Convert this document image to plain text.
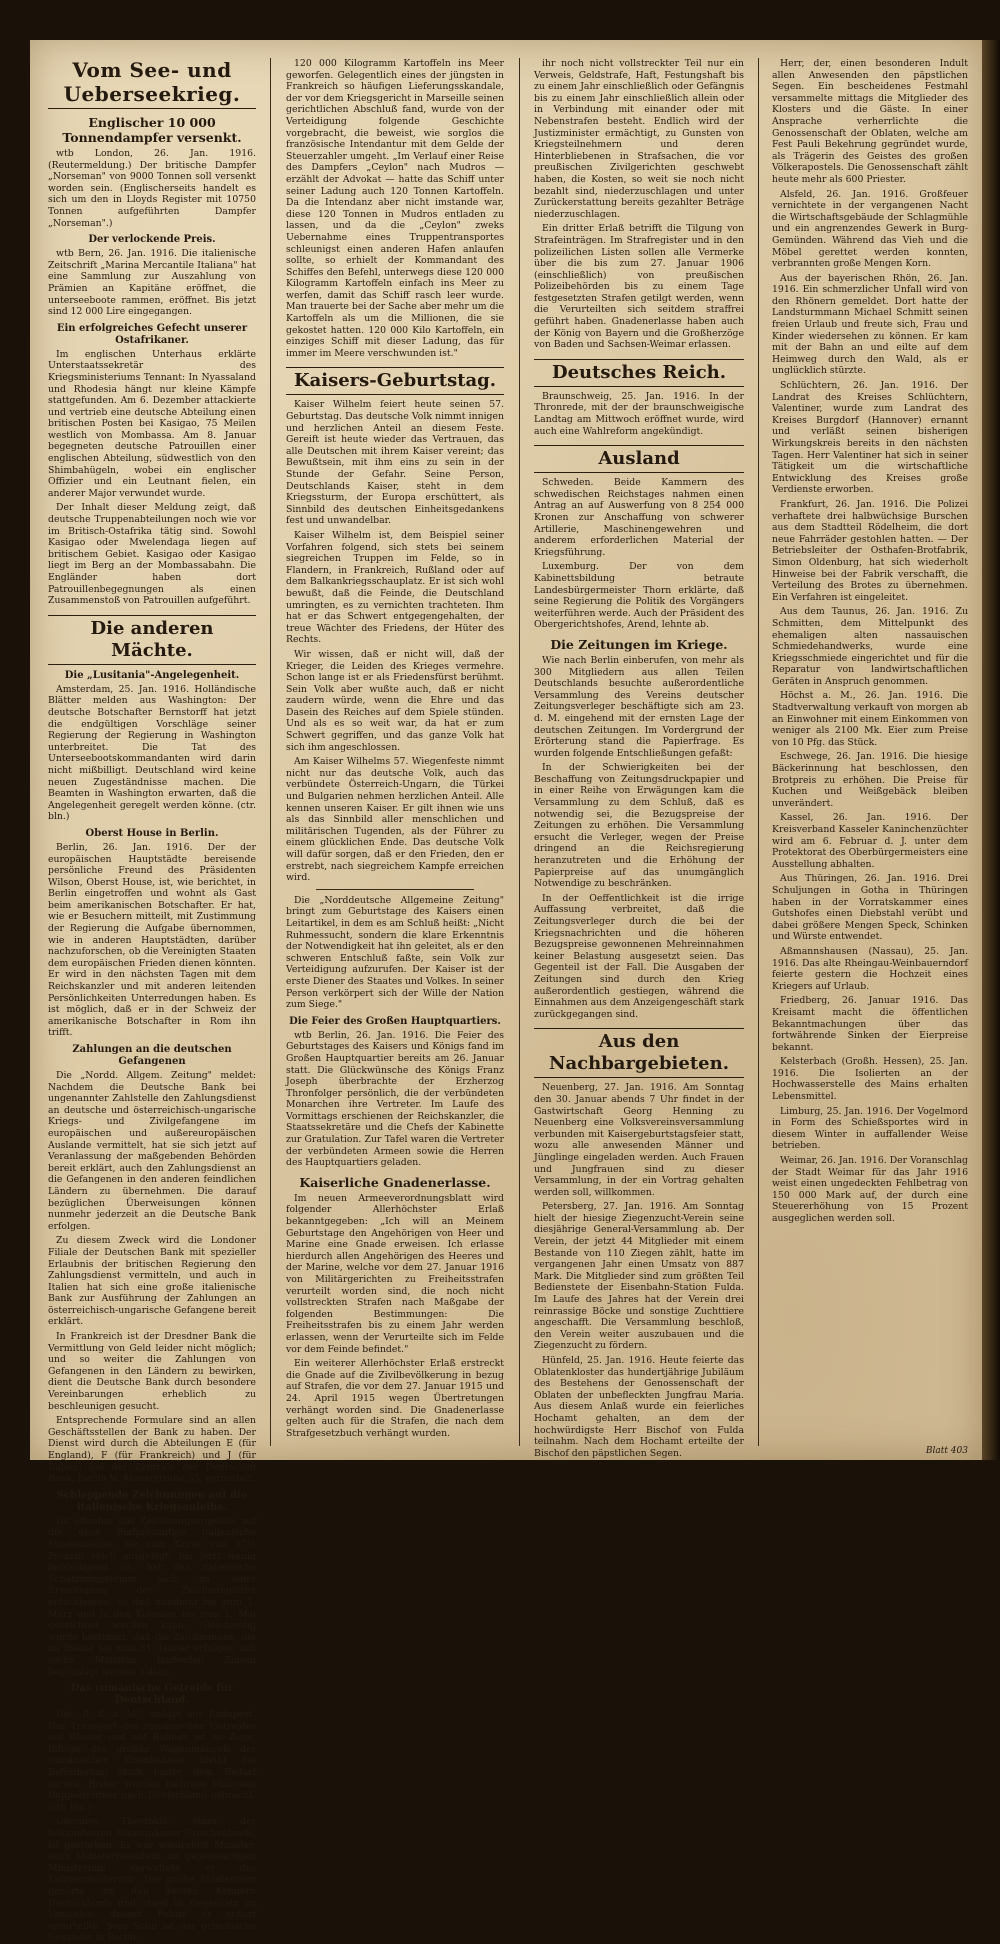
Vom See- und Ueberseekrieg.
Englischer 10 000 Tonnendampfer versenkt.

wtb London, 26. Jan. 1916. (Reutermeldung.) Der britische Dampfer „Norseman" von 9000 Tonnen soll versenkt worden sein. (Englischerseits handelt es sich um den in Lloyds Register mit 10750 Tonnen aufgeführten Dampfer „Norseman".)

Der verlockende Preis.

wtb Bern, 26. Jan. 1916. Die italienische Zeitschrift „Marina Mercantile Italiana" hat eine Sammlung zur Auszahlung von Prämien an Kapitäne eröffnet, die unterseeboote rammen, eröffnet. Bis jetzt sind 12 000 Lire eingegangen.

Ein erfolgreiches Gefecht unserer Ostafrikaner.

Im englischen Unterhaus erklärte Unterstaatssekretär des Kriegsministeriums Tennant: In Nyassaland und Rhodesia hängt nur kleine Kämpfe stattgefunden. Am 6. Dezember attackierte und vertrieb eine deutsche Abteilung einen britischen Posten bei Kasigao, 75 Meilen westlich von Mombassa. Am 8. Januar begegneten deutsche Patrouillen einer englischen Abteilung, südwestlich von den Shimbahügeln, wobei ein englischer Offizier und ein Leutnant fielen, ein anderer Major verwundet wurde.

Der Inhalt dieser Meldung zeigt, daß deutsche Truppenabteilungen noch wie vor im Britisch-Ostafrika tätig sind. Sowohl Kasigao oder Mwelendaga liegen auf britischem Gebiet. Kasigao oder Kasigao liegt im Berg an der Mombassabahn. Die Engländer haben dort Patrouillenbegegnungen als einen Zusammenstoß von Patrouillen aufgeführt.

Die anderen Mächte.
Die „Lusitania"-Angelegenheit.

Amsterdam, 25. Jan. 1916. Holländische Blätter melden aus Washington: Der deutsche Botschafter Bernstorff hat jetzt die endgültigen Vorschläge seiner Regierung der Regierung in Washington unterbreitet. Die Tat des Unterseebootskommandanten wird darin nicht mißbilligt. Deutschland wird keine neuen Zugeständnisse machen. Die Beamten in Washington erwarten, daß die Angelegenheit geregelt werden könne. (ctr. bln.)

Oberst House in Berlin.

Berlin, 26. Jan. 1916. Der der europäischen Hauptstädte bereisende persönliche Freund des Präsidenten Wilson, Oberst House, ist, wie berichtet, in Berlin eingetroffen und wohnt als Gast beim amerikanischen Botschafter. Er hat, wie er Besuchern mitteilt, mit Zustimmung der Regierung die Aufgabe übernommen, wie in anderen Hauptstädten, darüber nachzuforschen, ob die Vereinigten Staaten dem europäischen Frieden dienen könnten. Er wird in den nächsten Tagen mit dem Reichskanzler und mit anderen leitenden Persönlichkeiten Unterredungen haben. Es ist möglich, daß er in der Schweiz der amerikanische Botschafter in Rom ihn trifft.

Zahlungen an die deutschen Gefangenen

Die „Nordd. Allgem. Zeitung" meldet: Nachdem die Deutsche Bank bei ungenannter Zahlstelle den Zahlungsdienst an deutsche und österreichisch-ungarische Kriegs- und Zivilgefangene im europäischen und außereuropäischen Auslande vermittelt, hat sie sich jetzt auf Veranlassung der maßgebenden Behörden bereit erklärt, auch den Zahlungsdienst an die Gefangenen in den anderen feindlichen Ländern zu übernehmen. Die darauf bezüglichen Überweisungen können nunmehr jederzeit an die Deutsche Bank erfolgen.

Zu diesem Zweck wird die Londoner Filiale der Deutschen Bank mit spezieller Erlaubnis der britischen Regierung den Zahlungsdienst vermitteln, und auch in Italien hat sich eine große italienische Bank zur Ausführung der Zahlungen an österreichisch-ungarische Gefangene bereit erklärt.

In Frankreich ist der Dresdner Bank die Vermittlung von Geld leider nicht möglich; und so weiter die Zahlungen von Gefangenen in den Ländern zu bewirken, dient die Deutsche Bank durch besondere Vereinbarungen erheblich zu beschleunigen gesucht.

Entsprechende Formulare sind an allen Geschäftsstellen der Bank zu haben. Der Dienst wird durch die Abteilungen E (für England), F (für Frankreich) und J (für Italien) bei der Zentrale der Deutschen Bank, Berlin W, Mauerstraße 35, vermittelt.

Schleppende Zeichnungen auf die italienische Kriegsanleihe.

Da offenbar das Zeichnungsergebnis auf die neue fünfprozentige italienische Staatsanleihe, die zum Kurse von 97½ Prozent reich ausgelegt, bis jetzt wenig befriedigend ist, hat das italienische Schatzministerium sich zu einer Erweiterung der Zeichnungsfrist entschlossen, so daß nunmehr bis zum 1. März und in den Kolonien bis zum 1. Mai gezeichnet werden kann. Gleichzeitig wurde bestimmt, daß die Zeichnungen, die im Inland bis zum 31. Januar erfolgen, mit sechs Monaten laufenden Zinsen begünstigt werden sollen.

Das rumänische Getreide für Deutschland.

Die „B. Z. a. M." meldet aus Budapest: Der Transport des rumänischen Getreides auf Wasser und auf Bahnen ist im Zuge. Infolge des großen Wagenmangels der rumänischen Eisenbahnen bleibt die Beförderung stark hinter dem Bedarf zurück. Bisher wurden mehrere Millionen Doppelzentner nach Deutschland gebracht. (ctr. bln.)

Georgios Theotokis, einer der bekanntesten Staatsmänner Griechenlands, ist gestorben. Er war wiederholt Minister, auch Ministerpräsident, im gegenwärtigen Ministerium verwaltete er das Kultusministerium. Der große Staatsmann gehörte zu den besten Kennern Deutschlands und stand in Gegensatz zu Venizelos, dessen Politik er scharf verurteilte. Sein Sohn ist der griechische Gesandte in Berlin.

120 000 Kilogramm Kartoffeln ins Meer geworfen. Gelegentlich eines der jüngsten in Frankreich so häufigen Lieferungsskandale, der vor dem Kriegsgericht in Marseille seinen gerichtlichen Abschluß fand, wurde von der Verteidigung folgende Geschichte vorgebracht, die beweist, wie sorglos die französische Intendantur mit dem Gelde der Steuerzahler umgeht. „Im Verlauf einer Reise des Dampfers „Ceylon" nach Mudros — erzählt der Advokat — hatte das Schiff unter seiner Ladung auch 120 Tonnen Kartoffeln. Da die Intendanz aber nicht imstande war, diese 120 Tonnen in Mudros entladen zu lassen, und da die „Ceylon" zweks Uebernahme eines Truppentransportes schleunigst einen anderen Hafen anlaufen sollte, so erhielt der Kommandant des Schiffes den Befehl, unterwegs diese 120 000 Kilogramm Kartoffeln einfach ins Meer zu werfen, damit das Schiff rasch leer wurde. Man trauerte bei der Sache aber mehr um die Kartoffeln als um die Millionen, die sie gekostet hatten. 120 000 Kilo Kartoffeln, ein einziges Schiff mit dieser Ladung, das für immer im Meere verschwunden ist."

Kaisers-Geburtstag.

Kaiser Wilhelm feiert heute seinen 57. Geburtstag. Das deutsche Volk nimmt innigen und herzlichen Anteil an diesem Feste. Gereift ist heute wieder das Vertrauen, das alle Deutschen mit ihrem Kaiser vereint; das Bewußtsein, mit ihm eins zu sein in der Stunde der Gefahr. Seine Person, Deutschlands Kaiser, steht in dem Kriegssturm, der Europa erschüttert, als Sinnbild des deutschen Einheitsgedankens fest und unwandelbar.

Kaiser Wilhelm ist, dem Beispiel seiner Vorfahren folgend, sich stets bei seinem siegreichen Truppen im Felde, so in Flandern, in Frankreich, Rußland oder auf dem Balkankriegsschauplatz. Er ist sich wohl bewußt, daß die Feinde, die Deutschland umringten, es zu vernichten trachteten. Ihm hat er das Schwert entgegengehalten, der treue Wächter des Friedens, der Hüter des Rechts.

Wir wissen, daß er nicht will, daß der Krieger, die Leiden des Krieges vermehre. Schon lange ist er als Friedensfürst berühmt. Sein Volk aber wußte auch, daß er nicht zaudern würde, wenn die Ehre und das Dasein des Reiches auf dem Spiele stünden. Und als es so weit war, da hat er zum Schwert gegriffen, und das ganze Volk hat sich ihm angeschlossen.

Am Kaiser Wilhelms 57. Wiegenfeste nimmt nicht nur das deutsche Volk, auch das verbündete Österreich-Ungarn, die Türkei und Bulgarien nehmen herzlichen Anteil. Alle kennen unseren Kaiser. Er gilt ihnen wie uns als das Sinnbild aller menschlichen und militärischen Tugenden, als der Führer zu einem glücklichen Ende. Das deutsche Volk will dafür sorgen, daß er den Frieden, den er erstrebt, nach siegreichem Kampfe erreichen wird.

Die „Norddeutsche Allgemeine Zeitung" bringt zum Geburtstage des Kaisers einen Leitartikel, in dem es am Schluß heißt: „Nicht Ruhmessucht, sondern die klare Erkenntnis der Notwendigkeit hat ihn geleitet, als er den schweren Entschluß faßte, sein Volk zur Verteidigung aufzurufen. Der Kaiser ist der erste Diener des Staates und Volkes. In seiner Person verkörpert sich der Wille der Nation zum Siege."

Die Feier des Großen Hauptquartiers.

wtb Berlin, 26. Jan. 1916. Die Feier des Geburtstages des Kaisers und Königs fand im Großen Hauptquartier bereits am 26. Januar statt. Die Glückwünsche des Königs Franz Joseph überbrachte der Erzherzog Thronfolger persönlich, die der verbündeten Monarchen ihre Vertreter. Im Laufe des Vormittags erschienen der Reichskanzler, die Staatssekretäre und die Chefs der Kabinette zur Gratulation. Zur Tafel waren die Vertreter der verbündeten Armeen sowie die Herren des Hauptquartiers geladen.

Kaiserliche Gnadenerlasse.

Im neuen Armeeverordnungsblatt wird folgender Allerhöchster Erlaß bekanntgegeben: „Ich will an Meinem Geburtstage den Angehörigen von Heer und Marine eine Gnade erweisen. Ich erlasse hierdurch allen Angehörigen des Heeres und der Marine, welche vor dem 27. Januar 1916 von Militärgerichten zu Freiheitsstrafen verurteilt worden sind, die noch nicht vollstreckten Strafen nach Maßgabe der folgenden Bestimmungen: Die Freiheitsstrafen bis zu einem Jahr werden erlassen, wenn der Verurteilte sich im Felde vor dem Feinde befindet."

Ein weiterer Allerhöchster Erlaß erstreckt die Gnade auf die Zivilbevölkerung in bezug auf Strafen, die vor dem 27. Januar 1915 und 24. April 1915 wegen Übertretungen verhängt worden sind. Die Gnadenerlasse gelten auch für die Strafen, die nach dem Strafgesetzbuch verhängt wurden.

ihr noch nicht vollstreckter Teil nur ein Verweis, Geldstrafe, Haft, Festungshaft bis zu einem Jahr einschließlich oder Gefängnis bis zu einem Jahr einschließlich allein oder in Verbindung mit einander oder mit Nebenstrafen besteht. Endlich wird der Justizminister ermächtigt, zu Gunsten von Kriegsteilnehmern und deren Hinterbliebenen in Strafsachen, die vor preußischen Zivilgerichten geschwebt haben, die Kosten, so weit sie noch nicht bezahlt sind, niederzuschlagen und unter Zurückerstattung bereits gezahlter Beträge niederzuschlagen.

Ein dritter Erlaß betrifft die Tilgung von Strafeinträgen. Im Strafregister und in den polizeilichen Listen sollen alle Vermerke über die bis zum 27. Januar 1906 (einschließlich) von preußischen Polizeibehörden bis zu einem Tage festgesetzten Strafen getilgt werden, wenn die Verurteilten sich seitdem straffrei geführt haben. Gnadenerlasse haben auch der König von Bayern und die Großherzöge von Baden und Sachsen-Weimar erlassen.

Deutsches Reich.

Braunschweig, 25. Jan. 1916. In der Thronrede, mit der der braunschweigische Landtag am Mittwoch eröffnet wurde, wird auch eine Wahlreform angekündigt.

Ausland

Schweden. Beide Kammern des schwedischen Reichstages nahmen einen Antrag an auf Auswerfung von 8 254 000 Kronen zur Anschaffung von schwerer Artillerie, Maschinengewehren und anderem erforderlichen Material der Kriegsführung.

Luxemburg. Der von dem Kabinettsbildung betraute Landesbürgermeister Thorn erklärte, daß seine Regierung die Politik des Vorgängers weiterführen werde. Auch der Präsident des Obergerichtshofes, Arend, lehnte ab.

Die Zeitungen im Kriege.

Wie nach Berlin einberufen, von mehr als 300 Mitgliedern aus allen Teilen Deutschlands besuchte außerordentliche Versammlung des Vereins deutscher Zeitungsverleger beschäftigte sich am 23. d. M. eingehend mit der ernsten Lage der deutschen Zeitungen. Im Vordergrund der Erörterung stand die Papierfrage. Es wurden folgende Entschließungen gefaßt:

In der Schwierigkeiten bei der Beschaffung von Zeitungsdruckpapier und in einer Reihe von Erwägungen kam die Versammlung zu dem Schluß, daß es notwendig sei, die Bezugspreise der Zeitungen zu erhöhen. Die Versammlung ersucht die Verleger, wegen der Preise dringend an die Reichsregierung heranzutreten und die Erhöhung der Papierpreise auf das unumgänglich Notwendige zu beschränken.

In der Oeffentlichkeit ist die irrige Auffassung verbreitet, daß die Zeitungsverleger durch die bei der Kriegsnachrichten und die höheren Bezugspreise gewonnenen Mehreinnahmen keiner Belastung ausgesetzt seien. Das Gegenteil ist der Fall. Die Ausgaben der Zeitungen sind durch den Krieg außerordentlich gestiegen, während die Einnahmen aus dem Anzeigengeschäft stark zurückgegangen sind.

Aus den Nachbargebieten.

Neuenberg, 27. Jan. 1916. Am Sonntag den 30. Januar abends 7 Uhr findet in der Gastwirtschaft Georg Henning zu Neuenberg eine Volksvereinsversammlung verbunden mit Kaisergeburtstagsfeier statt, wozu alle anwesenden Männer und Jünglinge eingeladen werden. Auch Frauen und Jungfrauen sind zu dieser Versammlung, in der ein Vortrag gehalten werden soll, willkommen.

Petersberg, 27. Jan. 1916. Am Sonntag hielt der hiesige Ziegenzucht-Verein seine diesjährige General-Versammlung ab. Der Verein, der jetzt 44 Mitglieder mit einem Bestande von 110 Ziegen zählt, hatte im vergangenen Jahr einen Umsatz von 887 Mark. Die Mitglieder sind zum größten Teil Bedienstete der Eisenbahn-Station Fulda. Im Laufe des Jahres hat der Verein drei reinrassige Böcke und sonstige Zuchttiere angeschafft. Die Versammlung beschloß, den Verein weiter auszubauen und die Ziegenzucht zu fördern.

Hünfeld, 25. Jan. 1916. Heute feierte das Oblatenkloster das hundertjährige Jubiläum des Bestehens der Genossenschaft der Oblaten der unbefleckten Jungfrau Maria. Aus diesem Anlaß wurde ein feierliches Hochamt gehalten, an dem der hochwürdigste Herr Bischof von Fulda teilnahm. Nach dem Hochamt erteilte der Bischof den päpstlichen Segen.

Herr, der, einen besonderen Indult allen Anwesenden den päpstlichen Segen. Ein bescheidenes Festmahl versammelte mittags die Mitglieder des Klosters und die Gäste. In einer Ansprache verherrlichte die Genossenschaft der Oblaten, welche am Fest Pauli Bekehrung gegründet wurde, als Trägerin des Geistes des großen Völkerapostels. Die Genossenschaft zählt heute mehr als 600 Priester.

Alsfeld, 26. Jan. 1916. Großfeuer vernichtete in der vergangenen Nacht die Wirtschaftsgebäude der Schlagmühle und ein angrenzendes Gewerk in Burg-Gemünden. Während das Vieh und die Möbel gerettet werden konnten, verbrannten große Mengen Korn.

Aus der bayerischen Rhön, 26. Jan. 1916. Ein schmerzlicher Unfall wird von den Rhönern gemeldet. Dort hatte der Landsturmmann Michael Schmitt seinen freien Urlaub und freute sich, Frau und Kinder wiedersehen zu können. Er kam mit der Bahn an und eilte auf dem Heimweg durch den Wald, als er unglücklich stürzte.

Schlüchtern, 26. Jan. 1916. Der Landrat des Kreises Schlüchtern, Valentiner, wurde zum Landrat des Kreises Burgdorf (Hannover) ernannt und verläßt seinen bisherigen Wirkungskreis bereits in den nächsten Tagen. Herr Valentiner hat sich in seiner Tätigkeit um die wirtschaftliche Entwicklung des Kreises große Verdienste erworben.

Frankfurt, 26. Jan. 1916. Die Polizei verhaftete drei halbwüchsige Burschen aus dem Stadtteil Rödelheim, die dort neue Fahrräder gestohlen hatten. — Der Betriebsleiter der Osthafen-Brotfabrik, Simon Oldenburg, hat sich wiederholt Hinweise bei der Fabrik verschafft, die Verteilung des Brotes zu übernehmen. Ein Verfahren ist eingeleitet.

Aus dem Taunus, 26. Jan. 1916. Zu Schmitten, dem Mittelpunkt des ehemaligen alten nassauischen Schmiedehandwerks, wurde eine Kriegsschmiede eingerichtet und für die Reparatur von landwirtschaftlichen Geräten in Anspruch genommen.

Höchst a. M., 26. Jan. 1916. Die Stadtverwaltung verkauft von morgen ab an Einwohner mit einem Einkommen von weniger als 2100 Mk. Eier zum Preise von 10 Pfg. das Stück.

Eschwege, 26. Jan. 1916. Die hiesige Bäckerinnung hat beschlossen, den Brotpreis zu erhöhen. Die Preise für Kuchen und Weißgebäck bleiben unverändert.

Kassel, 26. Jan. 1916. Der Kreisverband Kasseler Kaninchenzüchter wird am 6. Februar d. J. unter dem Protektorat des Oberbürgermeisters eine Ausstellung abhalten.

Aus Thüringen, 26. Jan. 1916. Drei Schuljungen in Gotha in Thüringen haben in der Vorratskammer eines Gutshofes einen Diebstahl verübt und dabei größere Mengen Speck, Schinken und Würste entwendet.

Aßmannshausen (Nassau), 25. Jan. 1916. Das alte Rheingau-Weinbauerndorf feierte gestern die Hochzeit eines Kriegers auf Urlaub.

Friedberg, 26. Januar 1916. Das Kreisamt macht die öffentlichen Bekanntmachungen über das fortwährende Sinken der Eierpreise bekannt.

Kelsterbach (Großh. Hessen), 25. Jan. 1916. Die Isolierten an der Hochwasserstelle des Mains erhalten Lebensmittel.

Limburg, 25. Jan. 1916. Der Vogelmord in Form des Schießsportes wird in diesem Winter in auffallender Weise betrieben.

Weimar, 26. Jan. 1916. Der Voranschlag der Stadt Weimar für das Jahr 1916 weist einen ungedeckten Fehlbetrag von 150 000 Mark auf, der durch eine Steuererhöhung von 15 Prozent ausgeglichen werden soll.

Blatt 403
